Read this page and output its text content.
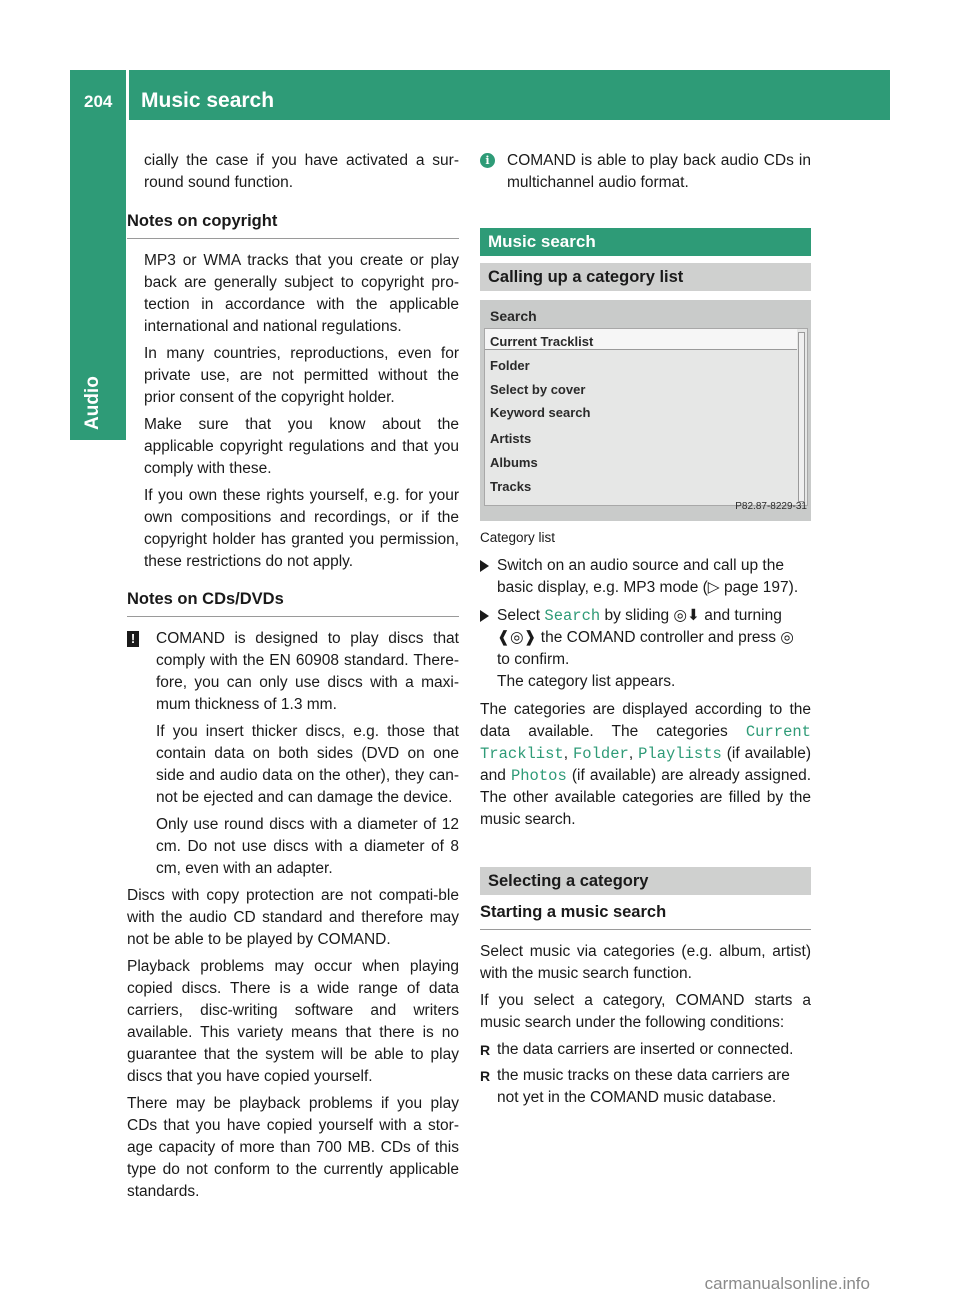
204 Music search
Audio

cially the case if you have activated a sur-round sound function.

Notes on copyright

MP3 or WMA tracks that you create or play back are generally subject to copyright pro-tection in accordance with the applicable international and national regulations.

In many countries, reproductions, even for private use, are not permitted without the prior consent of the copyright holder.

Make sure that you know about the applicable copyright regulations and that you comply with these.

If you own these rights yourself, e.g. for your own compositions and recordings, or if the copyright holder has granted you permission, these restrictions do not apply.

Notes on CDs/DVDs
! COMAND is designed to play discs that comply with the EN 60908 standard. There-fore, you can only use discs with a maxi-mum thickness of 1.3 mm.

If you insert thicker discs, e.g. those that contain data on both sides (DVD on one side and audio data on the other), they can-not be ejected and can damage the device.

Only use round discs with a diameter of 12 cm. Do not use discs with a diameter of 8 cm, even with an adapter.

Discs with copy protection are not compati-ble with the audio CD standard and therefore may not be able to be played by COMAND.

Playback problems may occur when playing copied discs. There is a wide range of data carriers, disc-writing software and writers available. This variety means that there is no guarantee that the system will be able to play discs that you have copied yourself.

There may be playback problems if you play CDs that you have copied yourself with a stor-age capacity of more than 700 MB. CDs of this type do not conform to the currently applicable standards.

i	COMAND is able to play back audio CDs in multichannel audio format.

Music search
Calling up a category list
Search
Current Tracklist
Folder
Select by cover
Keyword search
Artists
Albums
Tracks
P82.87-8229-31
Category list

Switch on an audio source and call up the basic display, e.g. MP3 mode (▷ page 197).

Select Search by sliding ◎⬇ and turning ❰◎❱ the COMAND controller and press ◎ to confirm.

The category list appears.

The categories are displayed according to the data available. The categories Current Tracklist, Folder, Playlists (if available) and Photos (if available) are already assigned. The other available categories are filled by the music search.

Selecting a category
Starting a music search

Select music via categories (e.g. album, artist) with the music search function.

If you select a category, COMAND starts a music search under the following conditions:

R the data carriers are inserted or connected.

R the music tracks on these data carriers are not yet in the COMAND music database.

carmanualsonline.info
